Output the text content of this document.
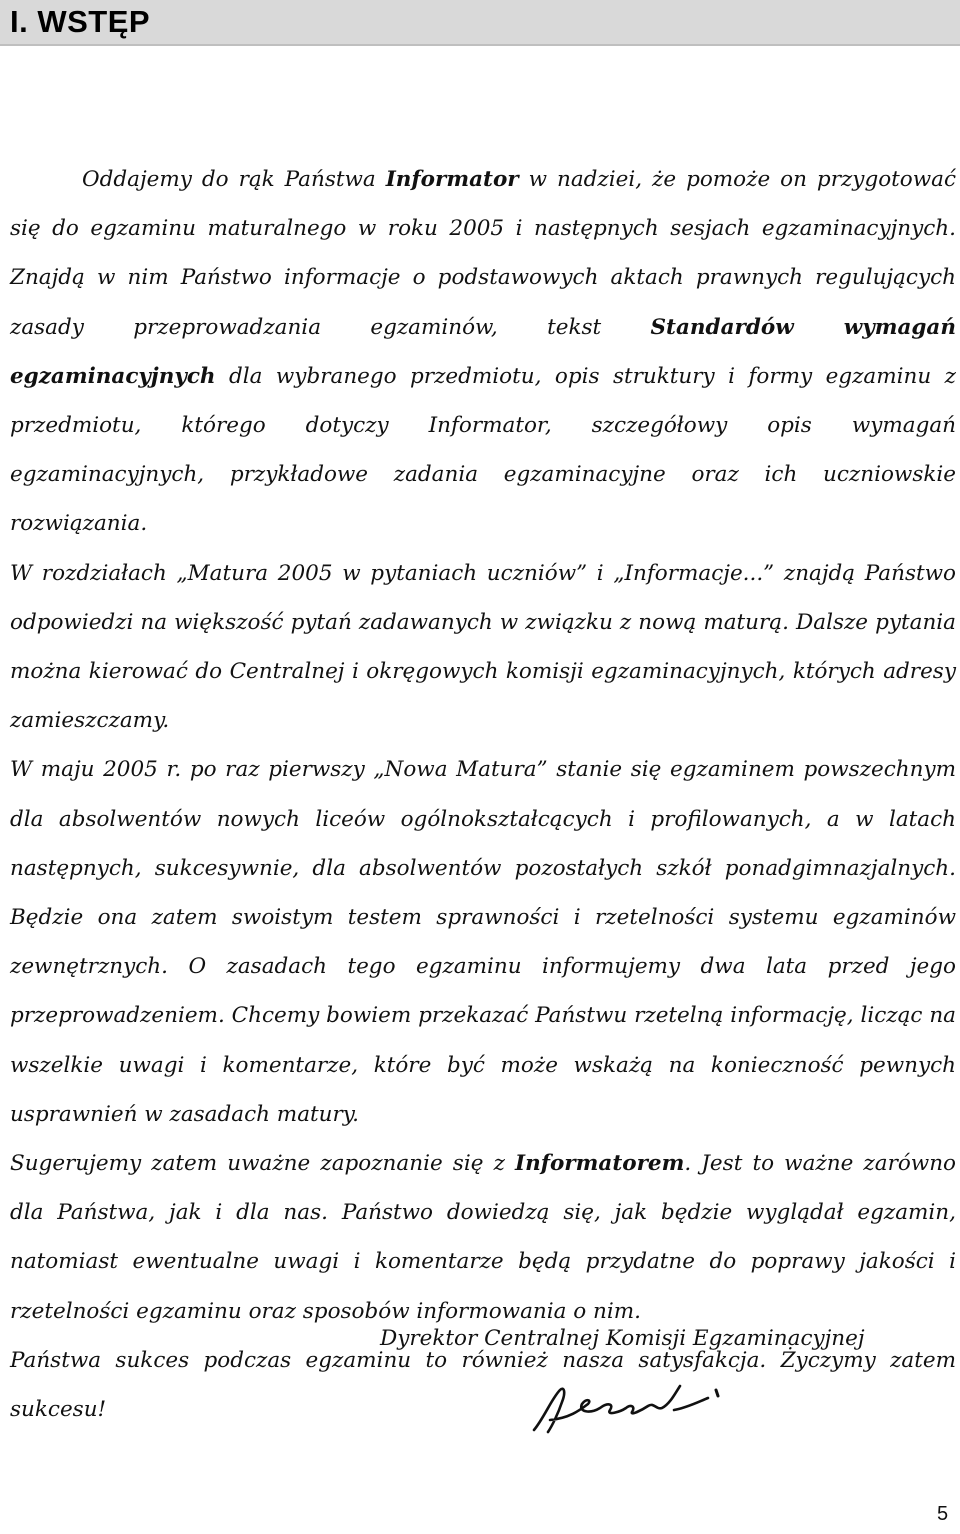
I. WSTĘP

Oddajemy do rąk Państwa Informator w nadziei, że pomoże on przygotować się do egzaminu maturalnego w roku 2005 i następnych sesjach egzaminacyjnych. Znajdą w nim Państwo informacje o podstawowych aktach prawnych regulujących zasady przeprowadzania egzaminów, tekst Standardów wymagań egzaminacyjnych dla wybranego przedmiotu, opis struktury i formy egzaminu z przedmiotu, którego dotyczy Informator, szczegółowy opis wymagań egzaminacyjnych, przykładowe zadania egzaminacyjne oraz ich uczniowskie rozwiązania.

W rozdziałach „Matura 2005 w pytaniach uczniów” i „Informacje...” znajdą Państwo odpowiedzi na większość pytań zadawanych w związku z nową maturą. Dalsze pytania można kierować do Centralnej i okręgowych komisji egzaminacyjnych, których adresy zamieszczamy.

W maju 2005 r. po raz pierwszy „Nowa Matura” stanie się egzaminem powszechnym dla absolwentów nowych liceów ogólnokształcących i profilowanych, a w latach następnych, sukcesywnie, dla absolwentów pozostałych szkół ponadgimnazjalnych. Będzie ona zatem swoistym testem sprawności i rzetelności systemu egzaminów zewnętrznych. O zasadach tego egzaminu informujemy dwa lata przed jego przeprowadzeniem. Chcemy bowiem przekazać Państwu rzetelną informację, licząc na wszelkie uwagi i komentarze, które być może wskażą na konieczność pewnych usprawnień w zasadach matury.

Sugerujemy zatem uważne zapoznanie się z Informatorem. Jest to ważne zarówno dla Państwa, jak i dla nas. Państwo dowiedzą się, jak będzie wyglądał egzamin, natomiast ewentualne uwagi i komentarze będą przydatne do poprawy jakości i rzetelności egzaminu oraz sposobów informowania o nim.

Państwa sukces podczas egzaminu to również nasza satysfakcja. Życzymy zatem sukcesu!

Dyrektor Centralnej Komisji Egzaminacyjnej
5
